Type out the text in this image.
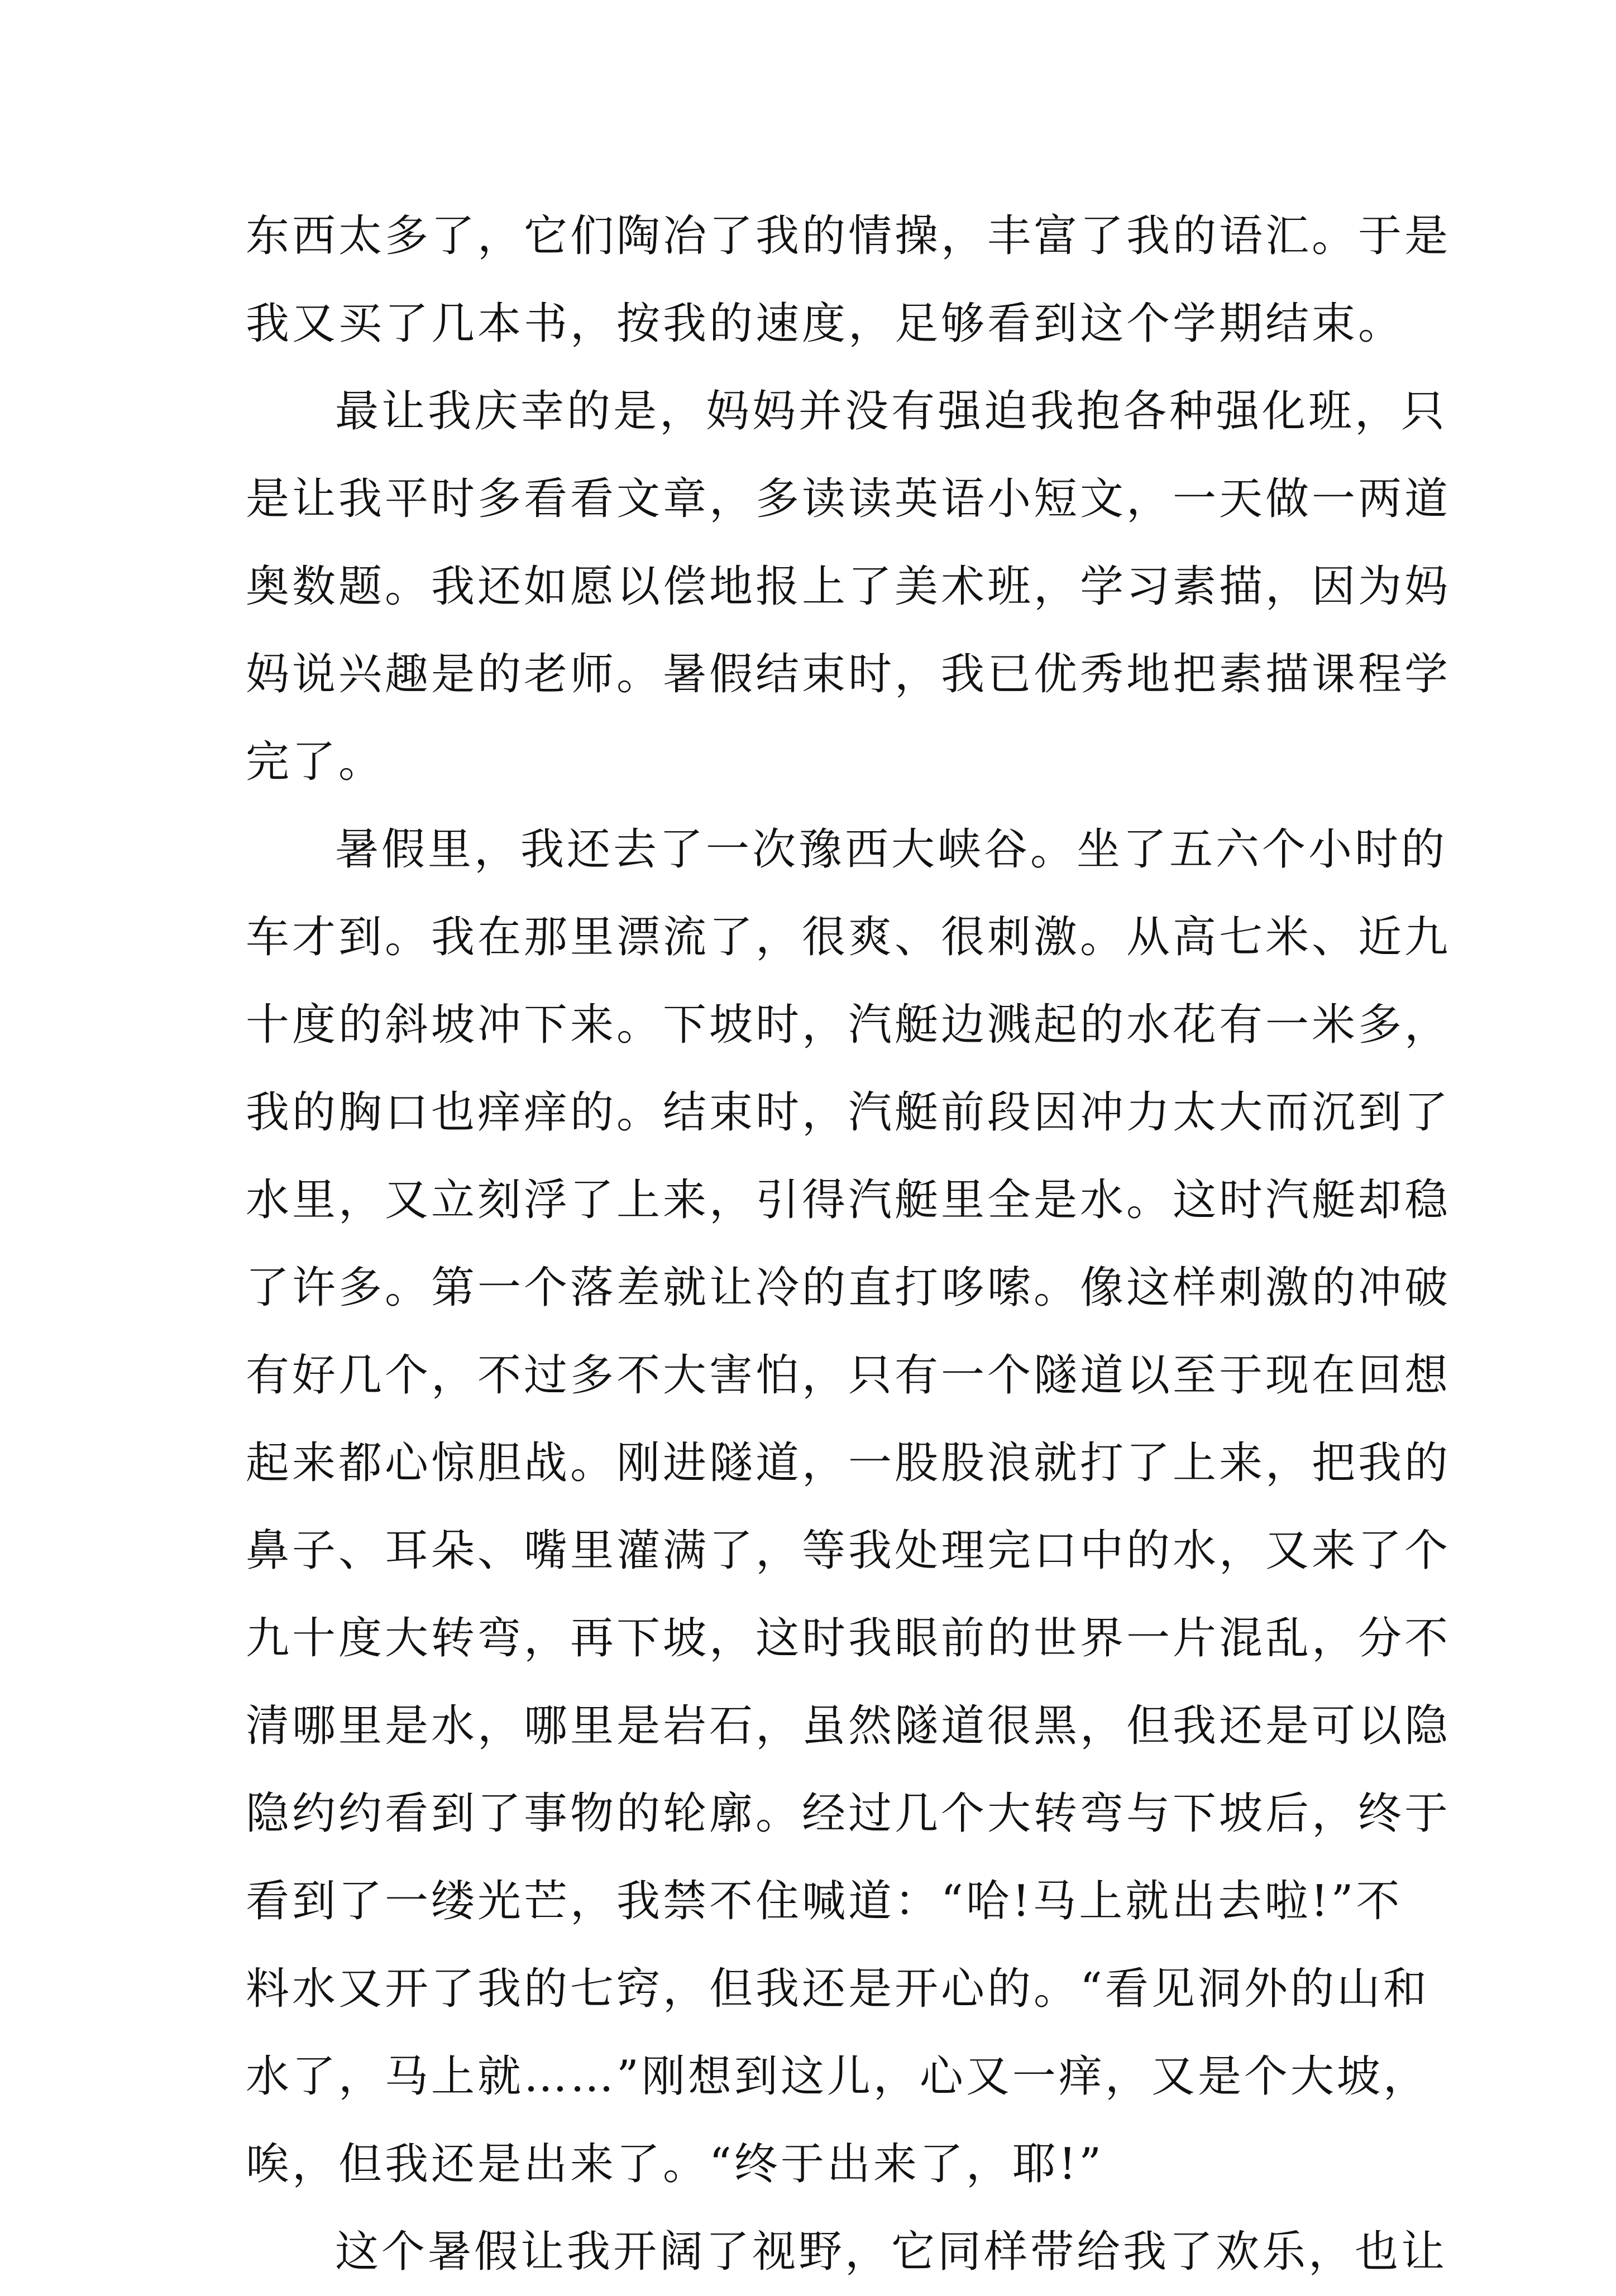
东西太多了，它们陶冶了我的情操，丰富了我的语汇。于是
我又买了几本书，按我的速度，足够看到这个学期结束。
最让我庆幸的是，妈妈并没有强迫我抱各种强化班，只
是让我平时多看看文章，多读读英语小短文，一天做一两道
奥数题。我还如愿以偿地报上了美术班，学习素描，因为妈
妈说兴趣是的老师。暑假结束时，我已优秀地把素描课程学
完了。
暑假里，我还去了一次豫西大峡谷。坐了五六个小时的
车才到。我在那里漂流了，很爽、很刺激。从高七米、近九
十度的斜坡冲下来。下坡时，汽艇边溅起的水花有一米多，
我的胸口也痒痒的。结束时，汽艇前段因冲力太大而沉到了
水里，又立刻浮了上来，引得汽艇里全是水。这时汽艇却稳
了许多。第一个落差就让冷的直打哆嗦。像这样刺激的冲破
有好几个，不过多不大害怕，只有一个隧道以至于现在回想
起来都心惊胆战。刚进隧道，一股股浪就打了上来，把我的
鼻子、耳朵、嘴里灌满了，等我处理完口中的水，又来了个
九十度大转弯，再下坡，这时我眼前的世界一片混乱，分不
清哪里是水，哪里是岩石，虽然隧道很黑，但我还是可以隐
隐约约看到了事物的轮廓。经过几个大转弯与下坡后，终于
看到了一缕光芒，我禁不住喊道：“哈!马上就出去啦!”不
料水又开了我的七窍，但我还是开心的。“看见洞外的山和
水了，马上就……”刚想到这儿，心又一痒，又是个大坡，
唉，但我还是出来了。“终于出来了，耶!”
这个暑假让我开阔了视野，它同样带给我了欢乐，也让
